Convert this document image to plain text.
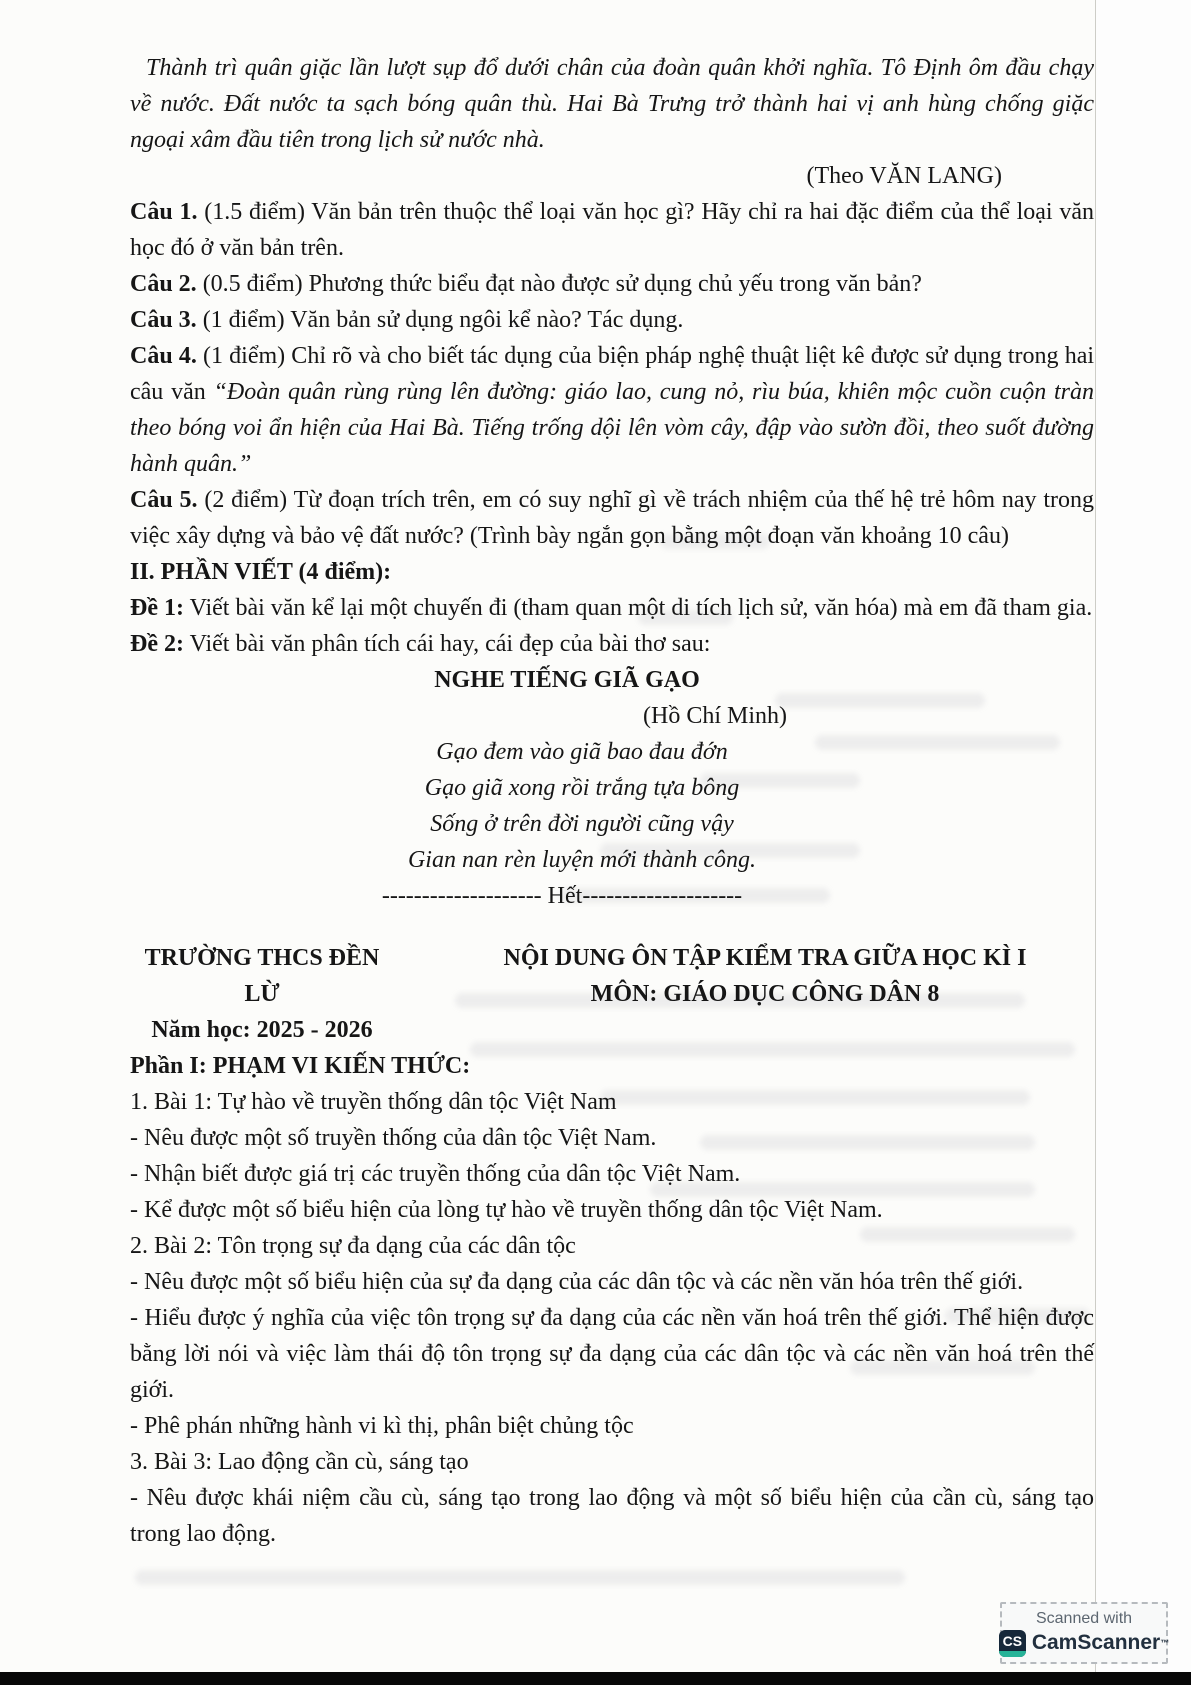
Thành trì quân giặc lần lượt sụp đổ dưới chân của đoàn quân khởi nghĩa. Tô Định ôm đầu chạy về nước. Đất nước ta sạch bóng quân thù. Hai Bà Trưng trở thành hai vị anh hùng chống giặc ngoại xâm đầu tiên trong lịch sử nước nhà.

(Theo VĂN LANG)

Câu 1. (1.5 điểm) Văn bản trên thuộc thể loại văn học gì? Hãy chỉ ra hai đặc điểm của thể loại văn học đó ở văn bản trên.

Câu 2. (0.5 điểm) Phương thức biểu đạt nào được sử dụng chủ yếu trong văn bản?

Câu 3. (1 điểm) Văn bản sử dụng ngôi kể nào? Tác dụng.

Câu 4. (1 điểm) Chỉ rõ và cho biết tác dụng của biện pháp nghệ thuật liệt kê được sử dụng trong hai câu văn “Đoàn quân rùng rùng lên đường: giáo lao, cung nỏ, rìu búa, khiên mộc cuồn cuộn tràn theo bóng voi ẩn hiện của Hai Bà. Tiếng trống dội lên vòm cây, đập vào sườn đồi, theo suốt đường hành quân.”

Câu 5. (2 điểm) Từ đoạn trích trên, em có suy nghĩ gì về trách nhiệm của thế hệ trẻ hôm nay trong việc xây dựng và bảo vệ đất nước? (Trình bày ngắn gọn bằng một đoạn văn khoảng 10 câu)

II. PHẦN VIẾT (4 điểm):

Đề 1: Viết bài văn kể lại một chuyến đi (tham quan một di tích lịch sử, văn hóa) mà em đã tham gia.

Đề 2: Viết bài văn phân tích cái hay, cái đẹp của bài thơ sau:

NGHE TIẾNG GIÃ GẠO

(Hồ Chí Minh)

Gạo đem vào giã bao đau đớn

Gạo giã xong rồi trắng tựa bông

Sống ở trên đời người cũng vậy

Gian nan rèn luyện mới thành công.

-------------------- Hết--------------------

TRƯỜNG THCS ĐỀN LỪ
Năm học: 2025 - 2026
NỘI DUNG ÔN TẬP KIỂM TRA GIỮA HỌC KÌ I
MÔN: GIÁO DỤC CÔNG DÂN 8

Phần I: PHẠM VI KIẾN THỨC:

1. Bài 1: Tự hào về truyền thống dân tộc Việt Nam

- Nêu được một số truyền thống của dân tộc Việt Nam.

- Nhận biết được giá trị các truyền thống của dân tộc Việt Nam.

- Kể được một số biểu hiện của lòng tự hào về truyền thống dân tộc Việt Nam.

2. Bài 2: Tôn trọng sự đa dạng của các dân tộc

- Nêu được một số biểu hiện của sự đa dạng của các dân tộc và các nền văn hóa trên thế giới.

- Hiểu được ý nghĩa của việc tôn trọng sự đa dạng của các nền văn hoá trên thế giới. Thể hiện được bằng lời nói và việc làm thái độ tôn trọng sự đa dạng của các dân tộc và các nền văn hoá trên thế giới.

- Phê phán những hành vi kì thị, phân biệt chủng tộc

3. Bài 3: Lao động cần cù, sáng tạo

- Nêu được khái niệm cầu cù, sáng tạo trong lao động và một số biểu hiện của cần cù, sáng tạo trong lao động.

Scanned with
CS CamScanner™
